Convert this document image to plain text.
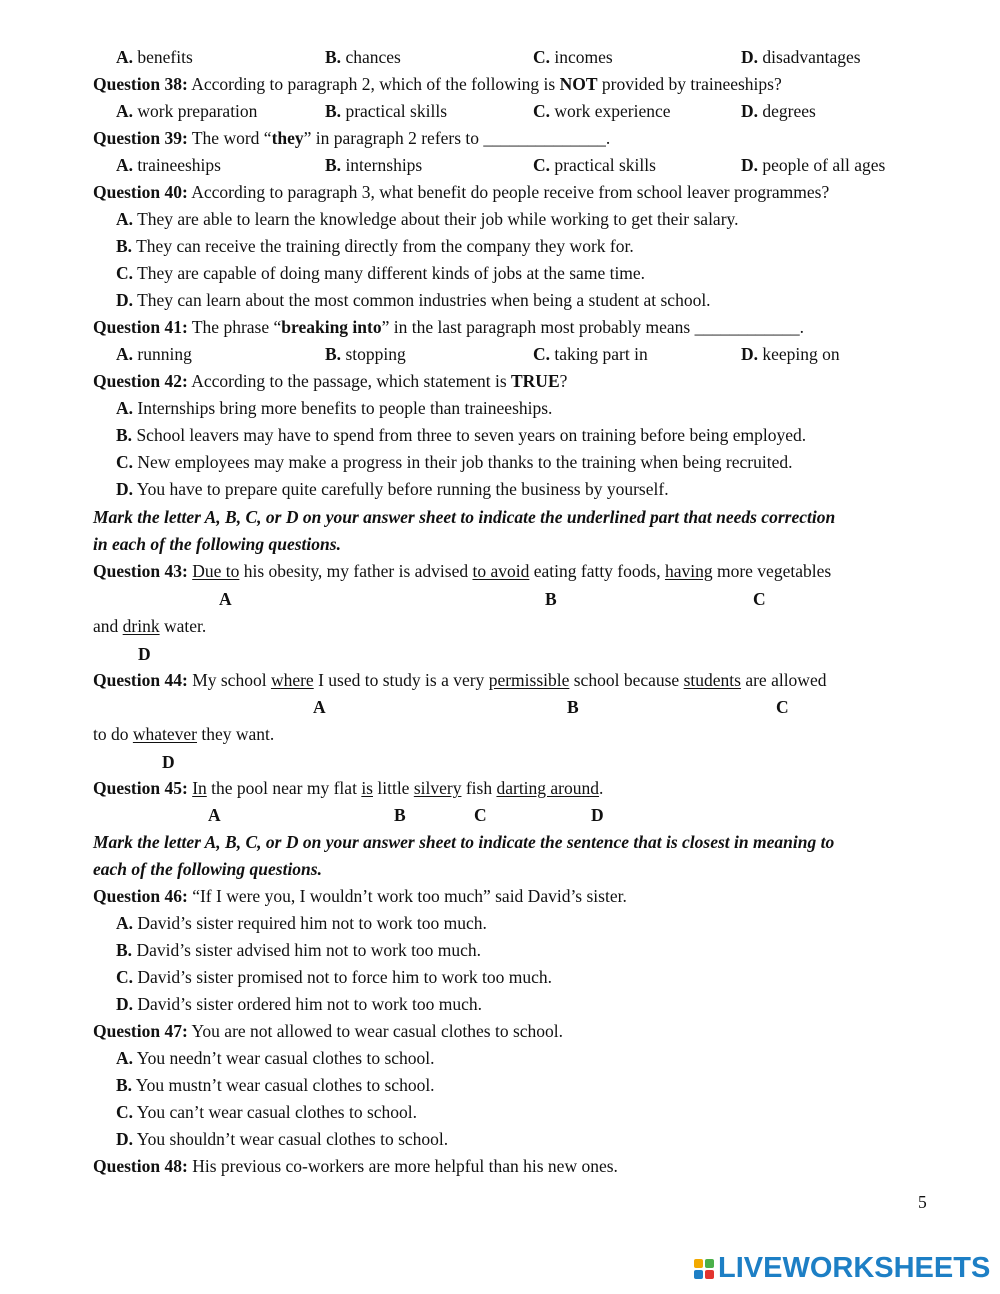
A. benefits	B. chances	C. incomes	D. disadvantages
Question 38: According to paragraph 2, which of the following is NOT provided by traineeships?
A. work preparation	B. practical skills	C. work experience	D. degrees
Question 39: The word “they” in paragraph 2 refers to ______________.
A. traineeships	B. internships	C. practical skills	D. people of all ages
Question 40: According to paragraph 3, what benefit do people receive from school leaver programmes?
A. They are able to learn the knowledge about their job while working to get their salary.
B. They can receive the training directly from the company they work for.
C. They are capable of doing many different kinds of jobs at the same time.
D. They can learn about the most common industries when being a student at school.
Question 41: The phrase “breaking into” in the last paragraph most probably means ____________.
A. running	B. stopping	C. taking part in	D. keeping on
Question 42: According to the passage, which statement is TRUE?
A. Internships bring more benefits to people than traineeships.
B. School leavers may have to spend from three to seven years on training before being employed.
C. New employees may make a progress in their job thanks to the training when being recruited.
D. You have to prepare quite carefully before running the business by yourself.
Mark the letter A, B, C, or D on your answer sheet to indicate the underlined part that needs correction
in each of the following questions.
Question 43: Due to his obesity, my father is advised to avoid eating fatty foods, having more vegetables
A	B	C
and drink water.
D
Question 44: My school where I used to study is a very permissible school because students are allowed
A	B	C
to do whatever they want.
D
Question 45: In the pool near my flat is little silvery fish darting around.
A	B	C	D
Mark the letter A, B, C, or D on your answer sheet to indicate the sentence that is closest in meaning to
each of the following questions.
Question 46: “If I were you, I wouldn’t work too much” said David’s sister.
A. David’s sister required him not to work too much.
B. David’s sister advised him not to work too much.
C. David’s sister promised not to force him to work too much.
D. David’s sister ordered him not to work too much.
Question 47: You are not allowed to wear casual clothes to school.
A. You needn’t wear casual clothes to school.
B. You mustn’t wear casual clothes to school.
C. You can’t wear casual clothes to school.
D. You shouldn’t wear casual clothes to school.
Question 48: His previous co-workers are more helpful than his new ones.
5
LIVEWORKSHEETS
